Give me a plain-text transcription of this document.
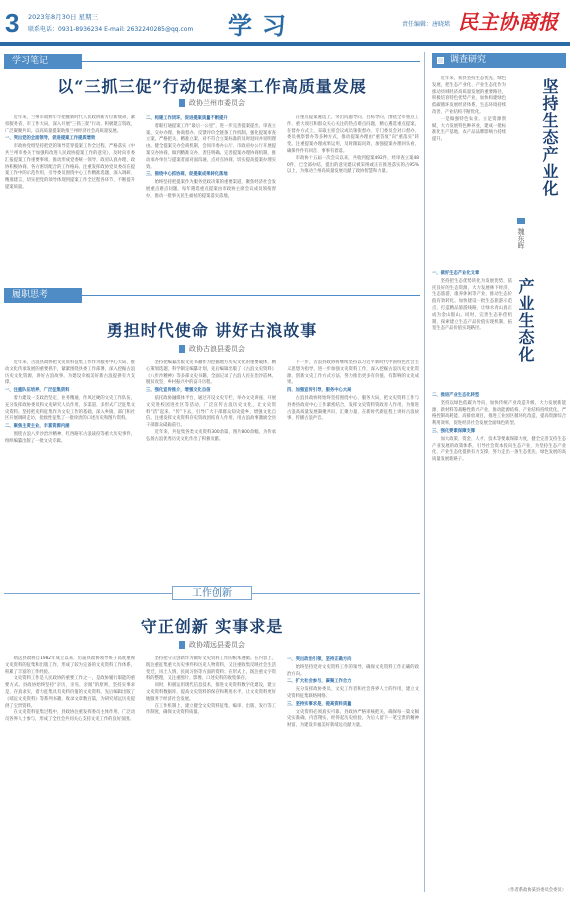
3 2023年8月30日 星期三
联系电话：0931-8936234 E-mail: 2632240285@qq.com 学习	责任编辑：唐晓珺 民主协商报
学习笔记
以“三抓三促”行动促提案工作高质量发展
政协兰州市委员会

近年来，兰州市政协牢牢把握新时代人民政协新方位新使命，紧扣服务省、市工作大局，深入开展“三抓三促”行动，积极建言资政，广泛凝聚共识，以高质量提案助推兰州经济社会高质量发展。

一、突出党的全面领导，促进提案工作提质增效

市政协党组坚持把党的领导贯穿提案工作全过程，严格落实《中共兰州市委关于加强和改进人民政协提案工作的意见》，及时向市委汇报提案工作重要事项，推动形成党委统一领导、政府认真办理、政协积极协商、各方密切配合的工作格局。注重发挥政协党员委员在提案工作中的示范作用，引导委员围绕中心工作精准选题、深入调研、精准建言，切实把党的领导体现到提案工作全过程各环节，不断提升提案质量。

二、构建工作闭环，促进提案质量不断提升

着眼打通提案工作“最后一公里”，进一步完善提案提出、审查立案、交办办理、协商督办、反馈评价全链条工作机制。强化提案审查立案，严格把关、精准立案，对不符合立案标准的及时退回并说明理由。健全提案交办会商机制，会同市委办公厅、市政府办公厅开展提案交办协商，做到精准交办、责任明确。完善提案办理协商机制，推动承办单位与提案者面对面沟通、点对点协商，切实提高提案办理实效。

三、围绕中心抓协商，促提案成果转化落地

始终坚持把提案作为服务党政决策的重要渠道，聚焦经济社会发展重点难点问题，每年遴选重点提案由市政协主席会议成员领衔督办，推动一批事关民生福祉的提案落实落地。

在重点提案遴选上，突出问题导向、目标导向，围绕全市重点工作、重大项目和群众关心关注的热点难点问题，精心遴选重点提案。在督办方式上，采取主席会议成员领衔督办、专门委员会对口督办、委员视察督办等多种方式，推动提案办理由“重答复”向“重落实”转变。注重提案办理成果运用，及时跟踪问效，加强提案办理回头看，确保件件有回音、事事有着落。

市政协十五届一次会议以来，共收到提案492件，经审查立案480件，已全部办结，提出的意见建议被采纳或正在推进落实的占95%以上，为推动兰州高质量发展贡献了政协智慧和力量。

履职思考
勇担时代使命 讲好古浪故事
政协古浪县委员会

近年来，古浪县政协把文史资料征集工作作为服务中心大局、推动文化传承发展的重要抓手，紧紧围绕县委工作部署，深入挖掘古浪历史文化资源，讲好古浪故事，为建设幸福美好新古浪提供有力支撑。

一、注重队伍培养，广泛征集资料

着力建设一支政治坚定、业务精通、作风过硬的文史工作队伍，充分发挥政协委员和文史研究人员作用，多渠道、多形式广泛征集文史资料。坚持把史料征集作为文史工作的基础，深入乡镇、部门和社区开展调研走访，抢救性征集了一批珍贵的口述历史和图片资料。

二、聚焦主责主业，丰富资源内涵

围绕古浪八步沙治沙精神、红西路军古浪战役等重大历史事件，组织编纂出版了一批文史专辑。

坚持把编纂出版文史书籍作为挖掘地方历史文化的重要载体，精心策划选题，科学制定编纂计划，先后编辑出版了《古浪文史资料》《八步沙精神》等多部文史书籍，全面记录了古浪人民在治沙造林、脱贫攻坚、乡村振兴中的奋斗历程。

三、强化宣传推介，增强文化自信

依托政协融媒体平台，通过开设文史专栏、举办文史讲座、开展文史进校园进社区等活动，广泛宣传古浪历史文化，让文史资料“活”起来、“传”下去，引导广大干部群众知史爱乡、增强文化自信。注重发挥文史资料存史资政团结育人作用，用古浪故事激励全县干部群众砥砺前行。

近年来，共征集各类文史资料300余篇、图片800余幅，为传承弘扬古浪优秀历史文化作出了积极贡献。

下一步，古浪县政协将继续坚持以习近平新时代中国特色社会主义思想为指导，进一步加强文史资料工作，深入挖掘古浪历史文化资源，创新文史工作方式方法，努力推出更多有价值、有影响的文史成果。

四、加强宣传引导，服务中心大局

古浪县政协将始终坚持围绕中心、服务大局，把文史资料工作与县委县政府中心工作紧密结合，发挥文史资料资政育人作用，为推进古浪高质量发展凝聚共识、汇聚力量，在新时代新征程上讲好古浪故事、传播古浪声音。

工作创新
守正创新 实事求是
政协靖远县委员会

靖远县政协自1982年成立以来，历届县政协领导班子高度重视文史资料的征集和出版工作，形成了较为完备的文史资料工作体系，积累了丰富的工作经验。

文史资料工作是人民政协的重要工作之一，是政协履行职能的重要方式。县政协始终坚持“亲历、亲见、亲闻”的原则，坚持实事求是、存真求实，着力征集具有史料价值的文史资料。先后编辑出版了《靖远文史资料》等系列书籍，收录文章数百篇，为研究靖远历史提供了宝贵资料。

在文史资料征集过程中，县政协注重发挥委员主体作用，广泛动员各界人士参与，形成了全社会共同关心支持文史工作的良好氛围。

坚持把守正创新作为做好文史资料工作的根本遵循。在内容上，既注重征集重大历史事件和历史人物资料，又注重收集反映社会生活变迁、风土人情、民间习俗等方面的资料；在形式上，既注重文字资料的整理，又注重图片、影像、口述史料的收集保存。

同时，积极运用现代信息技术，推进文史资料数字化建设，建立文史资料数据库，提高文史资料的保存和利用水平，让文史资料更好地服务于经济社会发展。

在工作机制上，建立健全文史资料征集、编审、出版、发行等工作制度，确保文史资料质量。

一、突出政治引领，坚持正确方向

始终坚持党对文史资料工作的领导，确保文史资料工作正确的政治方向。

二、扩大社会参与，凝聚工作合力

充分发挥政协委员、文史工作者和社会各界人士的作用，建立文史资料征集联络网络。

三、坚持实事求是，提高资料质量

文史资料必须真实可靠，县政协严格审核把关，确保每一篇文稿史实准确、内容翔实，经得起历史检验，为后人留下一笔宝贵的精神财富，为建设幸福美好新靖远贡献力量。

调查研究

近年来，我县坚持生态优先、绿色发展，把生态产业化、产业生态化作为推动县域经济高质量发展的重要路径，积极培育特色优势产业，加快构建绿色低碳循环发展经济体系，生态环境持续改善，产业结构不断优化。

一是做强特色农业。立足资源禀赋，大力发展特色种养业，建成一批标准化生产基地，农产品品牌影响力持续提升。	坚持生态产业化
产业生态化
魏东晖
一、做好生态产业化文章

坚持把生态优势转化为发展优势，依托良好的生态资源，大力发展林下经济、生态旅游、康养休闲等产业，推动生态价值有效转化。加快建设一批生态旅游示范点，打造精品旅游线路，让绿水青山真正成为金山银山。同时，完善生态补偿机制，探索建立生态产品价值实现机制，拓宽生态产品价值实现路径。

二、推进产业生态化转型

坚持以绿色低碳为导向，加快传统产业改造升级，大力发展新能源、新材料等战略性新兴产业，推动能源结构、产业结构持续优化。严格控制高耗能、高排放项目，推进工业园区循环化改造，提高资源综合利用效率，促进经济社会发展全面绿色转型。

三、强化要素保障支撑

加大政策、资金、人才、技术等要素保障力度，健全完善支持生态产业发展的政策体系，引导社会资本投向生态产业，为坚持生态产业化、产业生态化提供有力支撑，努力走出一条生态优先、绿色发展的高质量发展新路子。

（作者系政协某县委员会委员）
